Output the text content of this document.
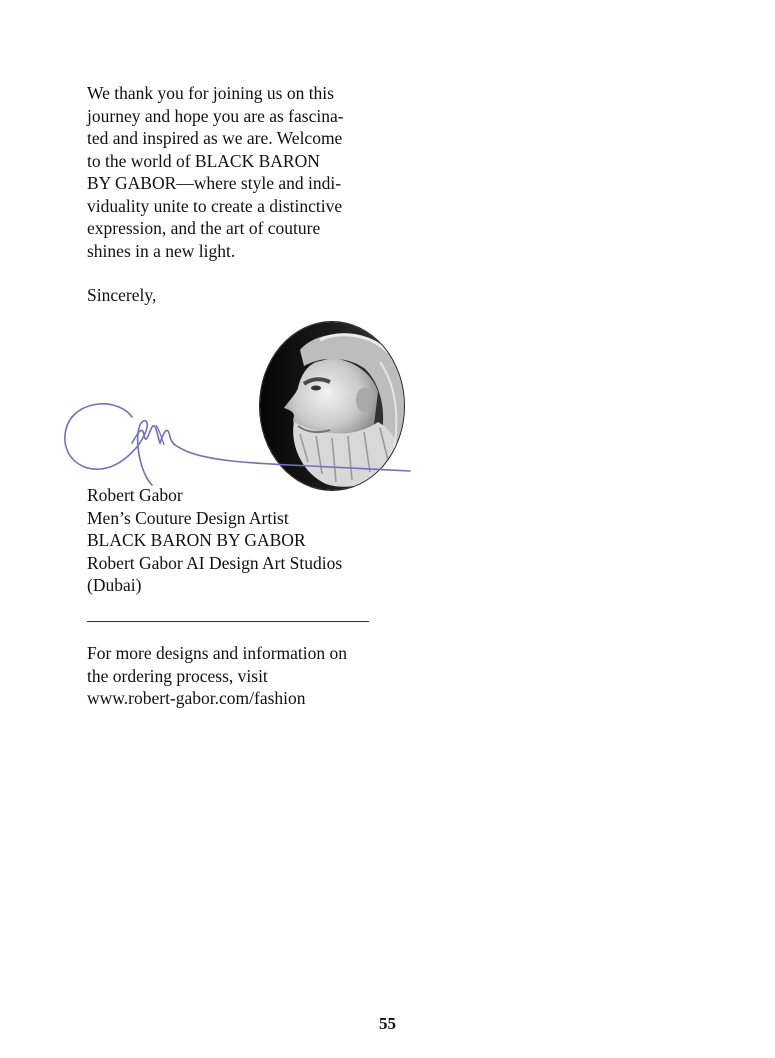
We thank you for joining us on this
journey and hope you are as fascina-
ted and inspired as we are. Welcome
to the world of BLACK BARON
BY GABOR—where style and indi-
viduality unite to create a distinctive
expression, and the art of couture
shines in a new light.
Sincerely,
Robert Gabor
Men’s Couture Design Artist
BLACK BARON BY GABOR
Robert Gabor AI Design Art Studios
(Dubai)
For more designs and information on
the ordering process, visit
www.robert-gabor.com/fashion
55
